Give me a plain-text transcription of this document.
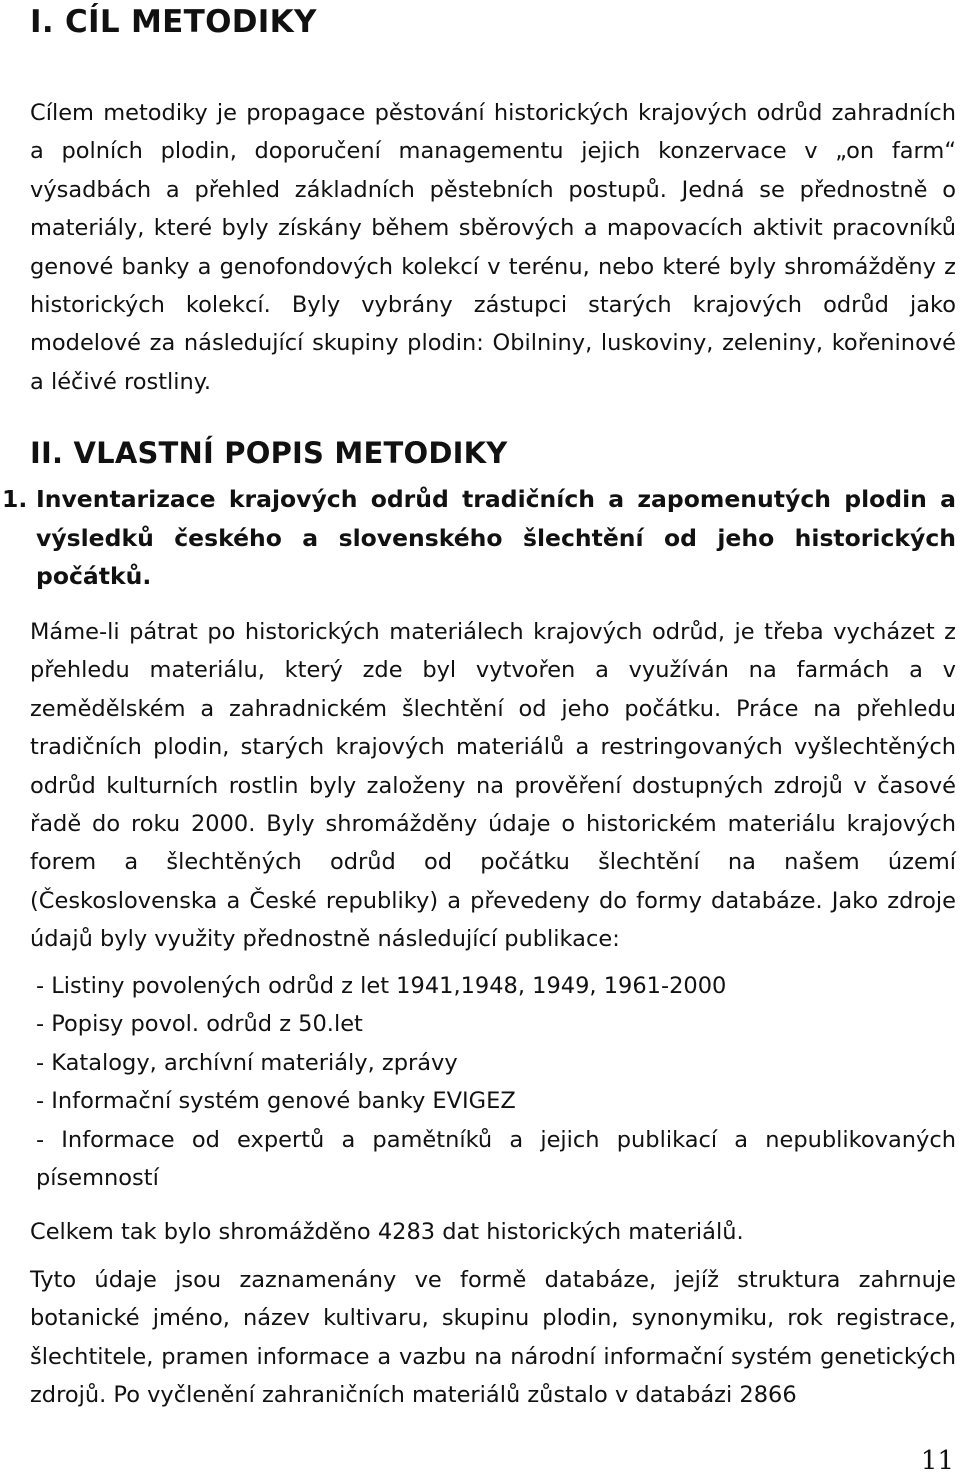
I. CÍL METODIKY

Cílem metodiky je propagace pěstování historických krajových odrůd zahradních a polních plodin, doporučení managementu jejich konzervace v „on farm“ výsadbách a přehled základních pěstebních postupů. Jedná se přednostně o materiály, které byly získány během sběrových a mapovacích aktivit pracovníků genové banky a genofondových kolekcí v terénu, nebo které byly shromážděny z historických kolekcí. Byly vybrány zástupci starých krajových odrůd jako modelové za následující skupiny plodin: Obilniny, luskoviny, zeleniny, kořeninové a léčivé rostliny.

II. VLASTNÍ POPIS METODIKY
1. Inventarizace krajových odrůd tradičních a zapomenutých plodin a výsledků českého a slovenského šlechtění od jeho historických počátků.

Máme-li pátrat po historických materiálech krajových odrůd, je třeba vycházet z přehledu materiálu, který zde byl vytvořen a využíván na farmách a v zemědělském a zahradnickém šlechtění od jeho počátku. Práce na přehledu tradičních plodin, starých krajových materiálů a restringovaných vyšlechtěných odrůd kulturních rostlin byly založeny na prověření dostupných zdrojů v časové řadě do roku 2000. Byly shromážděny údaje o historickém materiálu krajových forem a šlechtěných odrůd od počátku šlechtění na našem území (Československa a České republiky) a převedeny do formy databáze. Jako zdroje údajů byly využity přednostně následující publikace:

- Listiny povolených odrůd z let 1941,1948, 1949, 1961-2000
- Popisy povol. odrůd z 50.let
- Katalogy, archívní materiály, zprávy
- Informační systém genové banky EVIGEZ
- Informace od expertů a pamětníků a jejich publikací a nepublikovaných písemností

Celkem tak bylo shromážděno 4283 dat historických materiálů.

Tyto údaje jsou zaznamenány ve formě databáze, jejíž struktura zahrnuje botanické jméno, název kultivaru, skupinu plodin, synonymiku, rok registrace, šlechtitele, pramen informace a vazbu na národní informační systém genetických zdrojů. Po vyčlenění zahraničních materiálů zůstalo v databázi 2866

11
